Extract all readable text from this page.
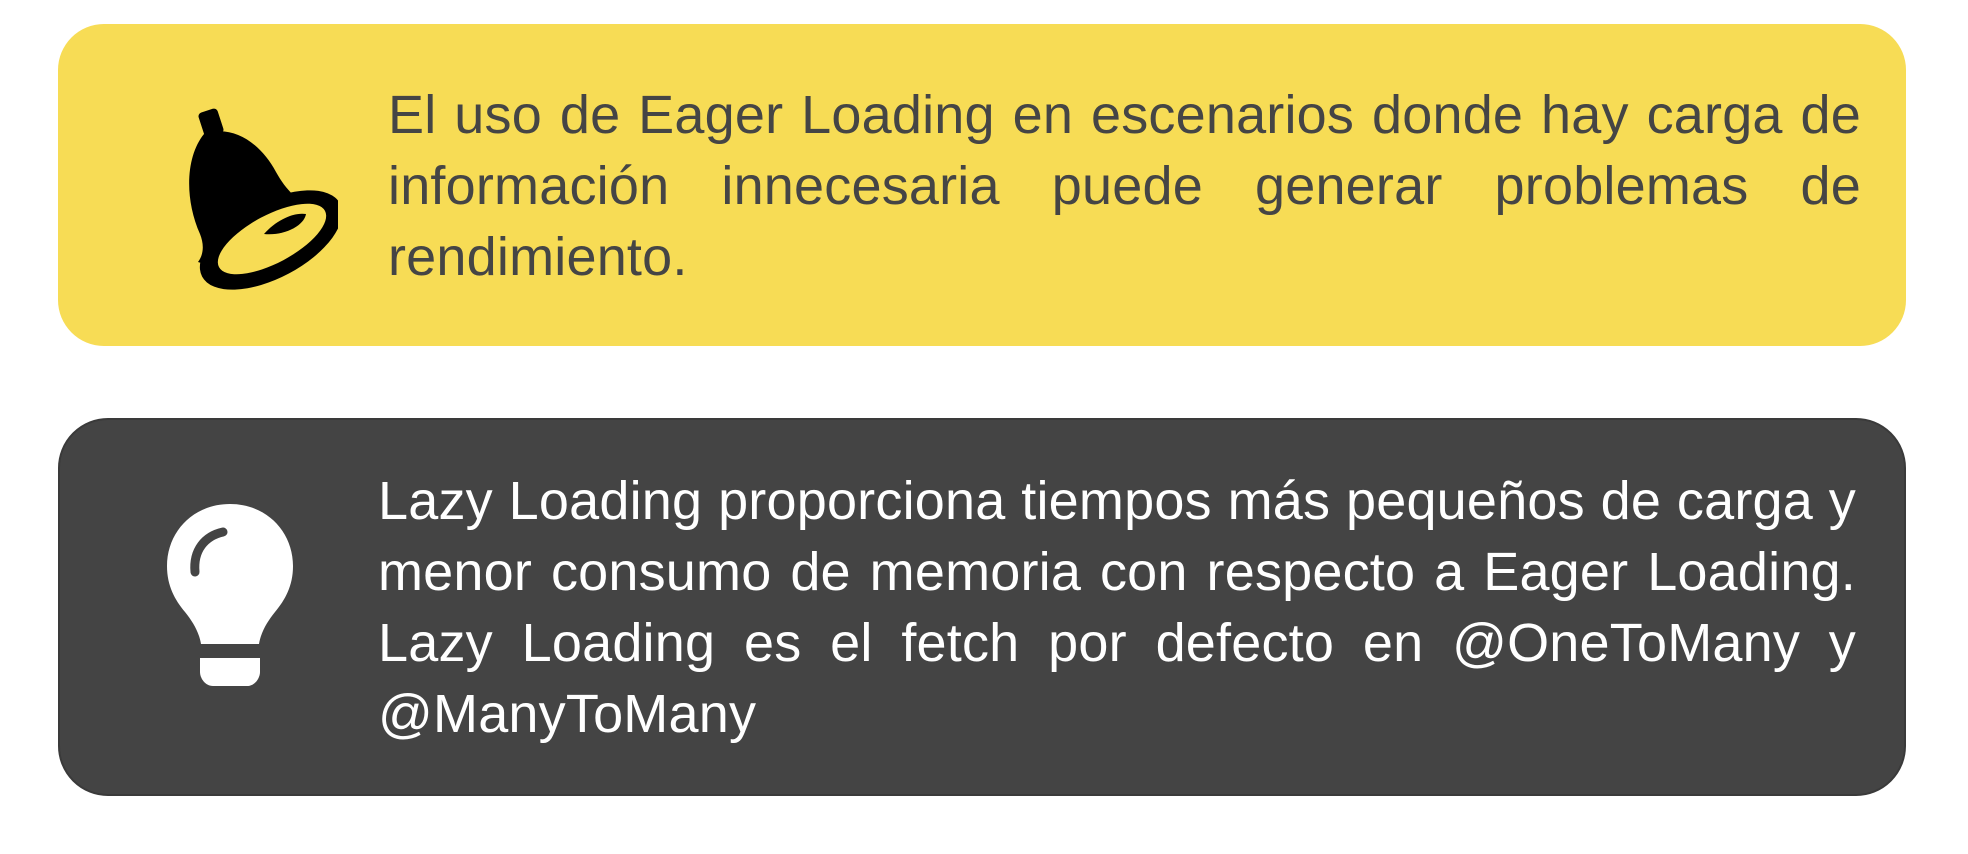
El uso de Eager Loading en escenarios donde hay carga de información innecesaria puede generar problemas de rendimiento.

Lazy Loading proporciona tiempos más pequeños de carga y menor consumo de memoria con respecto a Eager Loading. Lazy Loading es el fetch por defecto en @OneToMany y @ManyToMany
